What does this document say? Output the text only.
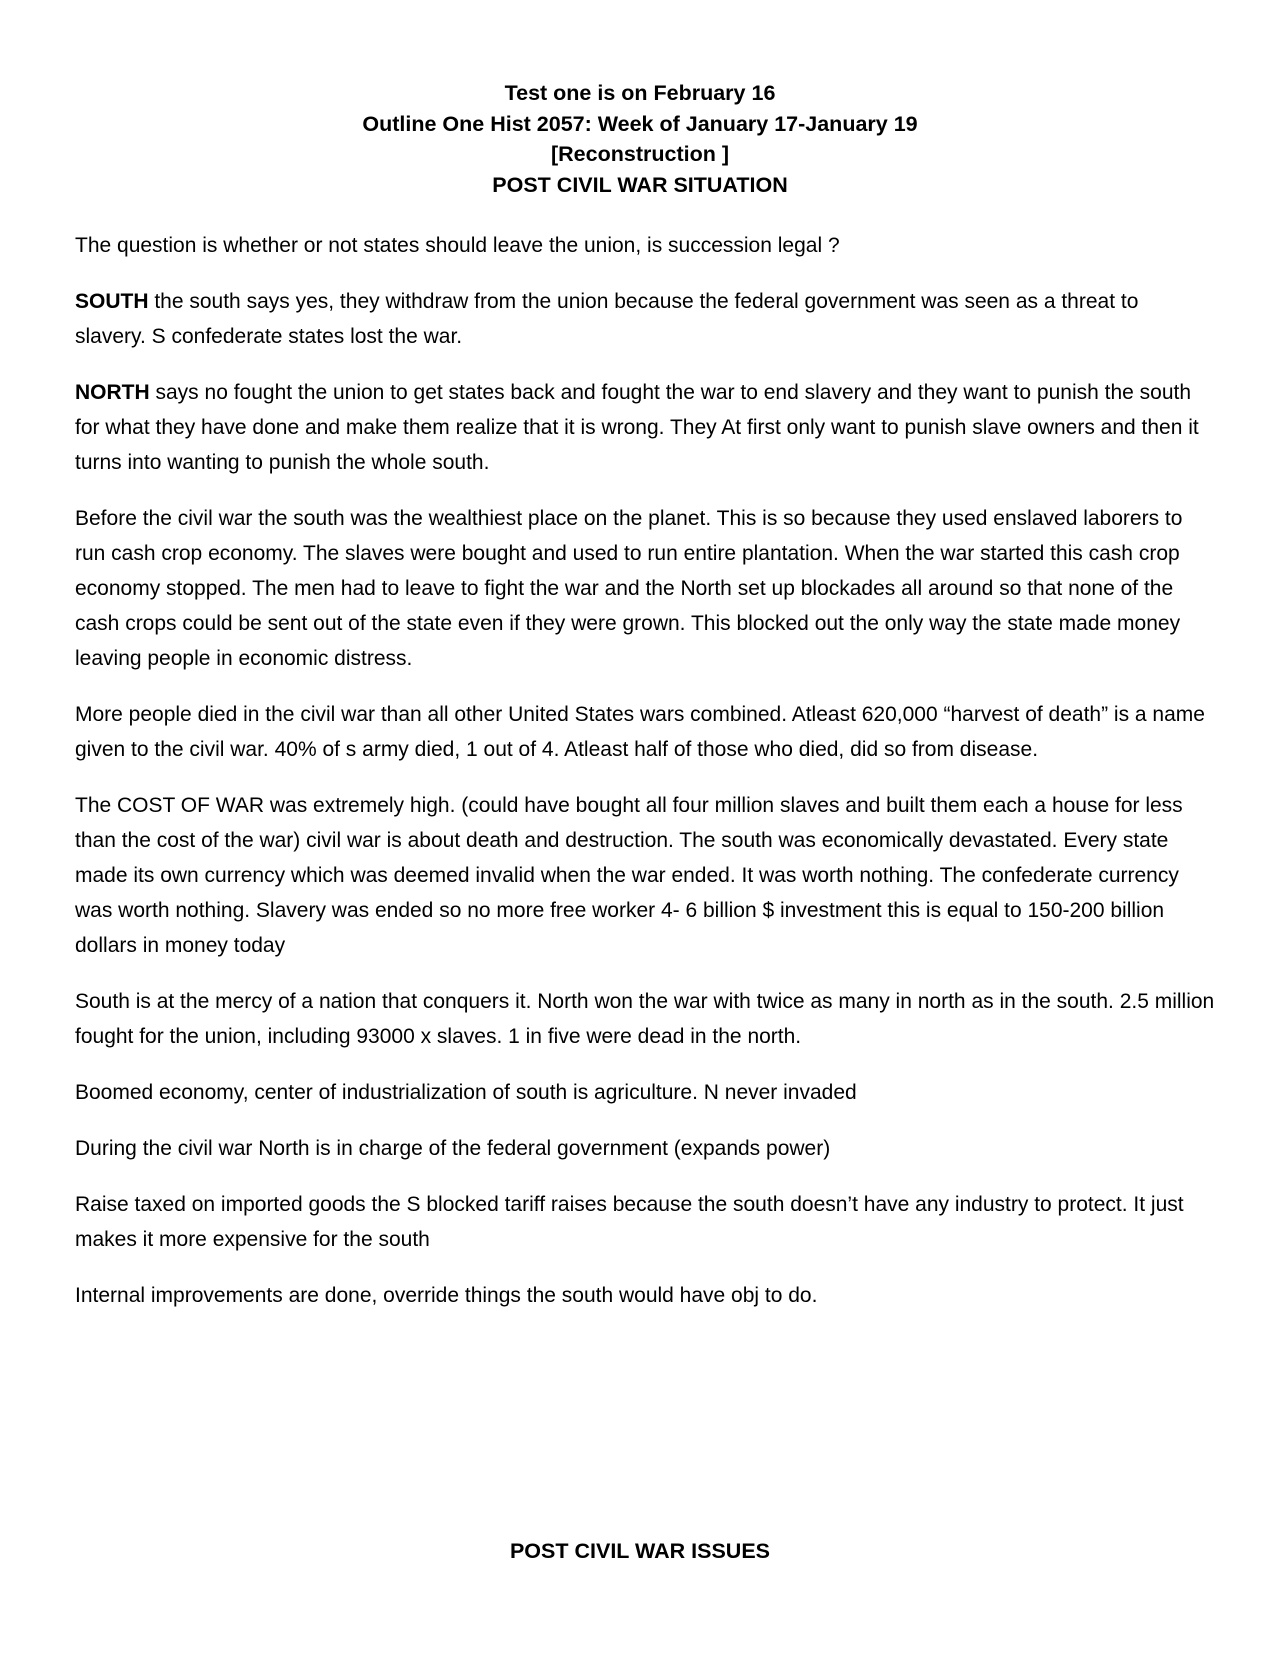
Test one is on February 16
Outline One Hist 2057: Week of January 17-January 19
[Reconstruction ]
POST CIVIL WAR SITUATION

The question is whether or not states should leave the union, is succession legal ?

SOUTH the south says yes, they withdraw from the union because the federal government was seen as a threat to slavery. S confederate states lost the war.

NORTH says no fought the union to get states back and fought the war to end slavery and they want to punish the south for what they have done and make them realize that it is wrong. They At first only want to punish slave owners and then it turns into wanting to punish the whole south.

Before the civil war the south was the wealthiest place on the planet. This is so because they used enslaved laborers to run cash crop economy. The slaves were bought and used to run entire plantation. When the war started this cash crop economy stopped. The men had to leave to fight the war and the North set up blockades all around so that none of the cash crops could be sent out of the state even if they were grown. This blocked out the only way the state made money leaving people in economic distress.

More people died in the civil war than all other United States wars combined. Atleast 620,000 “harvest of death” is a name given to the civil war. 40% of s army died, 1 out of 4. Atleast half of those who died, did so from disease.

The COST OF WAR was extremely high. (could have bought all four million slaves and built them each a house for less than the cost of the war) civil war is about death and destruction. The south was economically devastated. Every state made its own currency which was deemed invalid when the war ended. It was worth nothing. The confederate currency was worth nothing. Slavery was ended so no more free worker 4- 6 billion $ investment this is equal to 150-200 billion dollars in money today

South is at the mercy of a nation that conquers it. North won the war with twice as many in north as in the south. 2.5 million fought for the union, including 93000 x slaves. 1 in five were dead in the north.

Boomed economy, center of industrialization of south is agriculture. N never invaded

During the civil war North is in charge of the federal government (expands power)

Raise taxed on imported goods the S blocked tariff raises because the south doesn’t have any industry to protect. It just makes it more expensive for the south

Internal improvements are done, override things the south would have obj to do.

POST CIVIL WAR ISSUES
